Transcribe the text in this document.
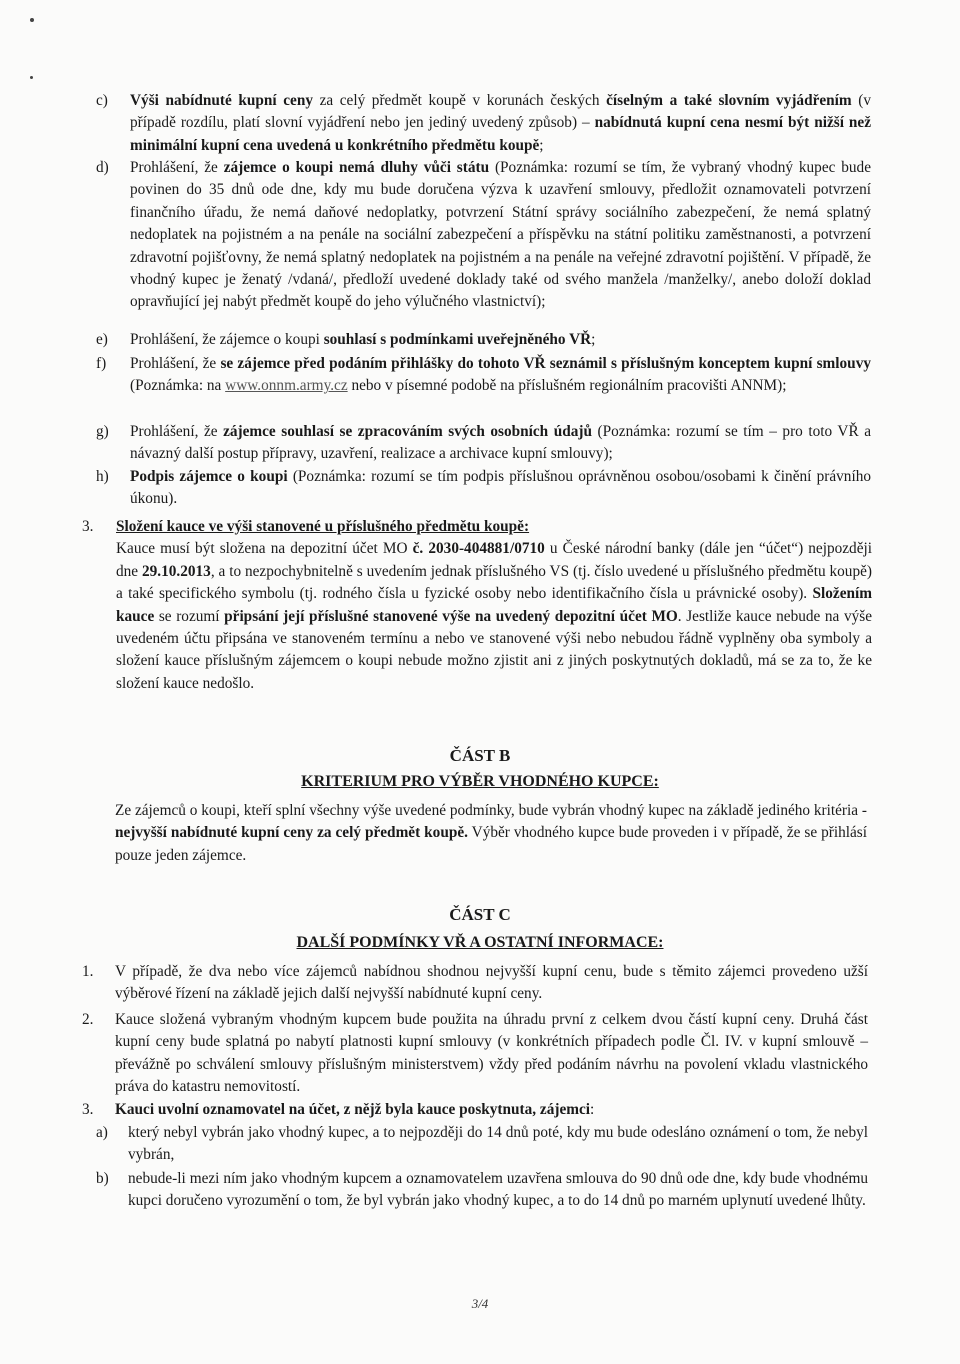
c)	Výši nabídnuté kupní ceny za celý předmět koupě v korunách českých číselným a také slovním vyjádřením (v případě rozdílu, platí slovní vyjádření nebo jen jediný uvedený způsob) – nabídnutá kupní cena nesmí být nižší než minimální kupní cena uvedená u konkrétního předmětu koupě;
d)	Prohlášení, že zájemce o koupi nemá dluhy vůči státu (Poznámka: rozumí se tím, že vybraný vhodný kupec bude povinen do 35 dnů ode dne, kdy mu bude doručena výzva k uzavření smlouvy, předložit oznamovateli potvrzení finančního úřadu, že nemá daňové nedoplatky, potvrzení Státní správy sociálního zabezpečení, že nemá splatný nedoplatek na pojistném a na penále na sociální zabezpečení a příspěvku na státní politiku zaměstnanosti, a potvrzení zdravotní pojišťovny, že nemá splatný nedoplatek na pojistném a na penále na veřejné zdravotní pojištění. V případě, že vhodný kupec je ženatý /vdaná/, předloží uvedené doklady také od svého manžela /manželky/, anebo doloží doklad opravňující jej nabýt předmět koupě do jeho výlučného vlastnictví);
e)	Prohlášení, že zájemce o koupi souhlasí s podmínkami uveřejněného VŘ;
f)	Prohlášení, že se zájemce před podáním přihlášky do tohoto VŘ seznámil s příslušným konceptem kupní smlouvy (Poznámka: na www.onnm.army.cz nebo v písemné podobě na příslušném regionálním pracovišti ANNM);
g)	Prohlášení, že zájemce souhlasí se zpracováním svých osobních údajů (Poznámka: rozumí se tím – pro toto VŘ a návazný další postup přípravy, uzavření, realizace a archivace kupní smlouvy);
h)	Podpis zájemce o koupi (Poznámka: rozumí se tím podpis příslušnou oprávněnou osobou/osobami k činění právního úkonu).
3.	Složení kauce ve výši stanovené u příslušného předmětu koupě:
Kauce musí být složena na depozitní účet MO č. 2030-404881/0710 u České národní banky (dále jen “účet“) nejpozději dne 29.10.2013, a to nezpochybnitelně s uvedením jednak příslušného VS (tj. číslo uvedené u příslušného předmětu koupě) a také specifického symbolu (tj. rodného čísla u fyzické osoby nebo identifikačního čísla u právnické osoby). Složením kauce se rozumí připsání její příslušné stanovené výše na uvedený depozitní účet MO. Jestliže kauce nebude na výše uvedeném účtu připsána ve stanoveném termínu a nebo ve stanovené výši nebo nebudou řádně vyplněny oba symboly a složení kauce příslušným zájemcem o koupi nebude možno zjistit ani z jiných poskytnutých dokladů, má se za to, že ke složení kauce nedošlo.
ČÁST B
KRITERIUM PRO VÝBĚR VHODNÉHO KUPCE:
Ze zájemců o koupi, kteří splní všechny výše uvedené podmínky, bude vybrán vhodný kupec na základě jediného kritéria - nejvyšší nabídnuté kupní ceny za celý předmět koupě. Výběr vhodného kupce bude proveden i v případě, že se přihlásí pouze jeden zájemce.
ČÁST C
DALŠÍ PODMÍNKY VŘ A OSTATNÍ INFORMACE:
1.	V případě, že dva nebo více zájemců nabídnou shodnou nejvyšší kupní cenu, bude s těmito zájemci provedeno užší výběrové řízení na základě jejich další nejvyšší nabídnuté kupní ceny.
2.	Kauce složená vybraným vhodným kupcem bude použita na úhradu první z celkem dvou částí kupní ceny. Druhá část kupní ceny bude splatná po nabytí platnosti kupní smlouvy (v konkrétních případech podle Čl. IV. v kupní smlouvě – převážně po schválení smlouvy příslušným ministerstvem) vždy před podáním návrhu na povolení vkladu vlastnického práva do katastru nemovitostí.
3.	Kauci uvolní oznamovatel na účet, z nějž byla kauce poskytnuta, zájemci:
a)	který nebyl vybrán jako vhodný kupec, a to nejpozději do 14 dnů poté, kdy mu bude odesláno oznámení o tom, že nebyl vybrán,
b)	nebude-li mezi ním jako vhodným kupcem a oznamovatelem uzavřena smlouva do 90 dnů ode dne, kdy bude vhodnému kupci doručeno vyrozumění o tom, že byl vybrán jako vhodný kupec, a to do 14 dnů po marném uplynutí uvedené lhůty.
3/4
